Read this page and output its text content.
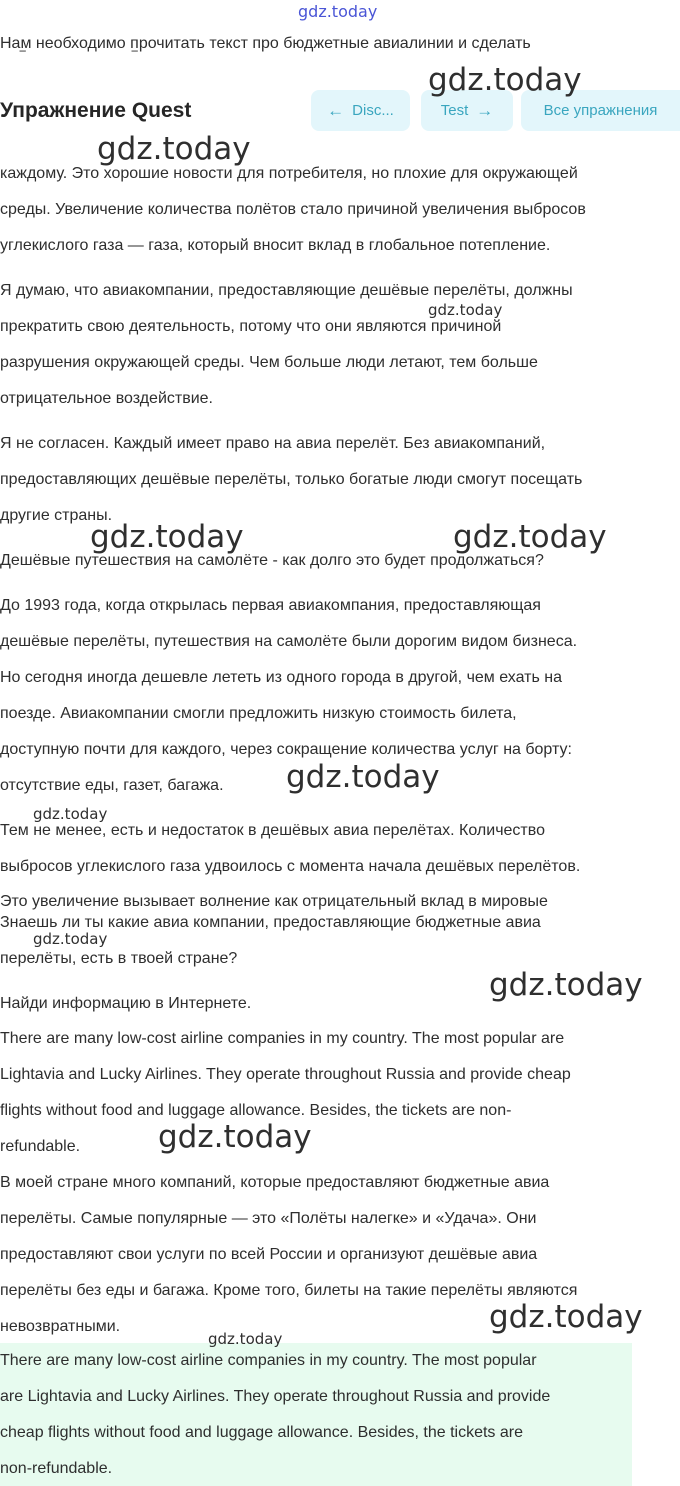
gdz.today
Нам необходимо прочитать текст про бюджетные авиалинии и сделать
‾	‾
Упражнение Quest	← Disc...	Test →	Все упражнения
каждому. Это хорошие новости для потребителя, но плохие для окружающей
среды. Увеличение количества полётов стало причиной увеличения выбросов
углекислого газа — газа, который вносит вклад в глобальное потепление.
Я думаю, что авиакомпании, предоставляющие дешёвые перелёты, должны
прекратить свою деятельность, потому что они являются причиной
разрушения окружающей среды. Чем больше люди летают, тем больше
отрицательное воздействие.
Я не согласен. Каждый имеет право на авиа перелёт. Без авиакомпаний,
предоставляющих дешёвые перелёты, только богатые люди смогут посещать
другие страны.
Дешёвые путешествия на самолёте - как долго это будет продолжаться?
До 1993 года, когда открылась первая авиакомпания, предоставляющая
дешёвые перелёты, путешествия на самолёте были дорогим видом бизнеса.
Но сегодня иногда дешевле лететь из одного города в другой, чем ехать на
поезде. Авиакомпании смогли предложить низкую стоимость билета,
доступную почти для каждого, через сокращение количества услуг на борту:
отсутствие еды, газет, багажа.
Тем не менее, есть и недостаток в дешёвых авиа перелётах. Количество
выбросов углекислого газа удвоилось с момента начала дешёвых перелётов.
Это увеличение вызывает волнение как отрицательный вклад в мировые
Знаешь ли ты какие авиа компании, предоставляющие бюджетные авиа
перелёты, есть в твоей стране?
Найди информацию в Интернете.
There are many low-cost airline companies in my country. The most popular are
Lightavia and Lucky Airlines. They operate throughout Russia and provide cheap
flights without food and luggage allowance. Besides, the tickets are non-
refundable.
В моей стране много компаний, которые предоставляют бюджетные авиа
перелёты. Самые популярные — это «Полёты налегке» и «Удача». Они
предоставляют свои услуги по всей России и организуют дешёвые авиа
перелёты без еды и багажа. Кроме того, билеты на такие перелёты являются
невозвратными.
There are many low-cost airline companies in my country. The most popular
are Lightavia and Lucky Airlines. They operate throughout Russia and provide
cheap flights without food and luggage allowance. Besides, the tickets are
non-refundable.
gdz.today
gdz.today
gdz.today
gdz.today	gdz.today
gdz.today
gdz.today
gdz.today
gdz.today
gdz.today
gdz.today
gdz.today
